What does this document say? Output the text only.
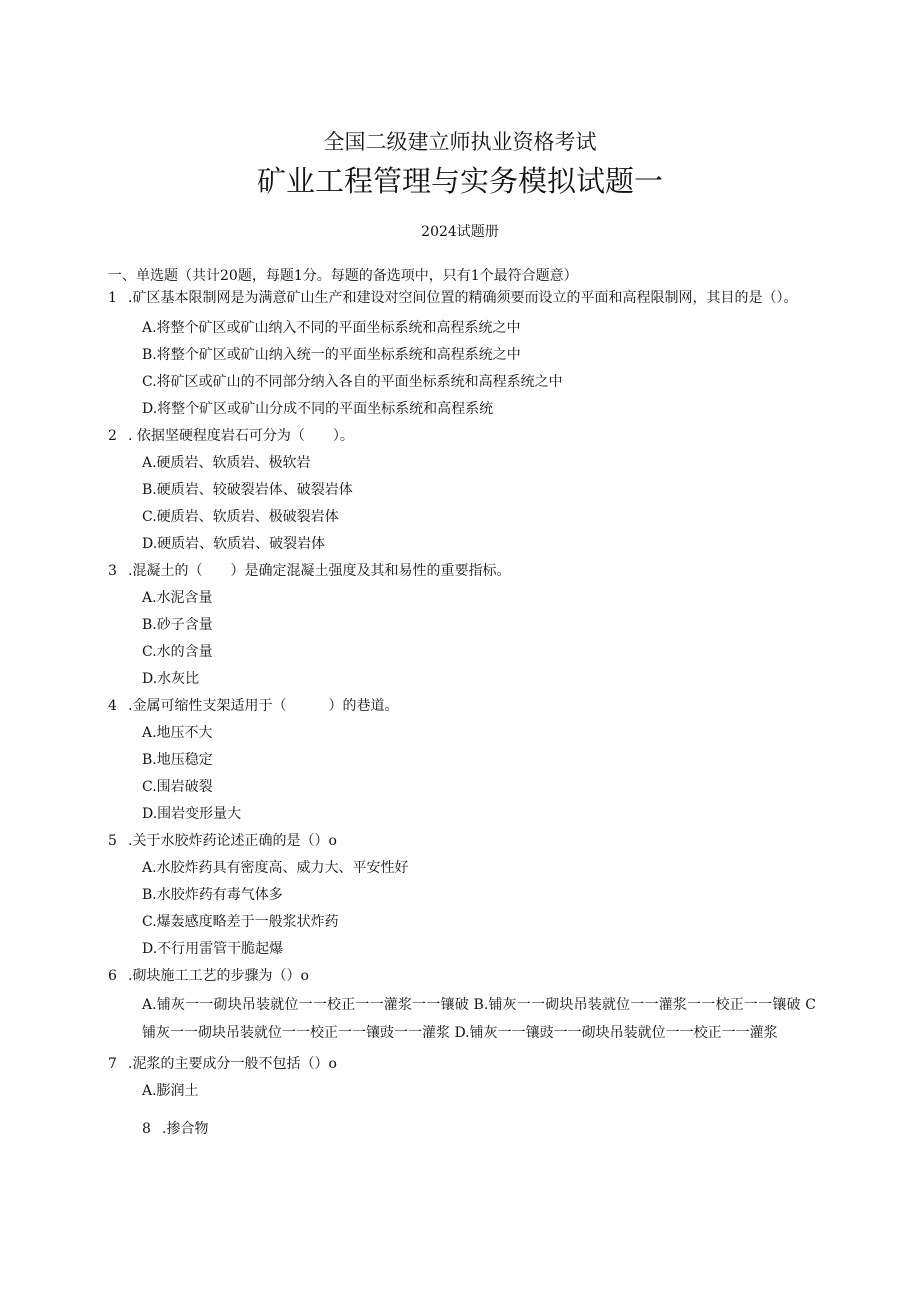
全国二级建立师执业资格考试
矿业工程管理与实务模拟试题一
2024试题册
一、单选题（共计20题，每题1分。每题的备选项中，只有1个最符合题意）
1 .矿区基本限制网是为满意矿山生产和建设对空间位置的精确须要而设立的平面和高程限制网，其目的是（）。
A.将整个矿区或矿山纳入不同的平面坐标系统和高程系统之中
B.将整个矿区或矿山纳入统一的平面坐标系统和高程系统之中
C.将矿区或矿山的不同部分纳入各自的平面坐标系统和高程系统之中
D.将整个矿区或矿山分成不同的平面坐标系统和高程系统
2 . 依据坚硬程度岩石可分为（　　）。
A.硬质岩、软质岩、极软岩
B.硬质岩、较破裂岩体、破裂岩体
C.硬质岩、软质岩、极破裂岩体
D.硬质岩、软质岩、破裂岩体
3 .混凝土的（　　）是确定混凝土强度及其和易性的重要指标。
A.水泥含量
B.砂子含量
C.水的含量
D.水灰比
4 .金属可缩性支架适用于（　　　）的巷道。
A.地压不大
B.地压稳定
C.围岩破裂
D.围岩变形量大
5 .关于水胶炸药论述正确的是（）o
A.水胶炸药具有密度高、威力大、平安性好
B.水胶炸药有毒气体多
C.爆轰感度略差于一般浆状炸药
D.不行用雷管干脆起爆
6 .砌块施工工艺的步骤为（）o
A.铺灰一一砌块吊装就位一一校正一一灌浆一一镶破 B.铺灰一一砌块吊装就位一一灌浆一一校正一一镶破 C铺灰一一砌块吊装就位一一校正一一镶豉一一灌浆 D.铺灰一一镶豉一一砌块吊装就位一一校正一一灌浆
7 .泥浆的主要成分一般不包括（）o
A.膨润土
8 .掺合物
